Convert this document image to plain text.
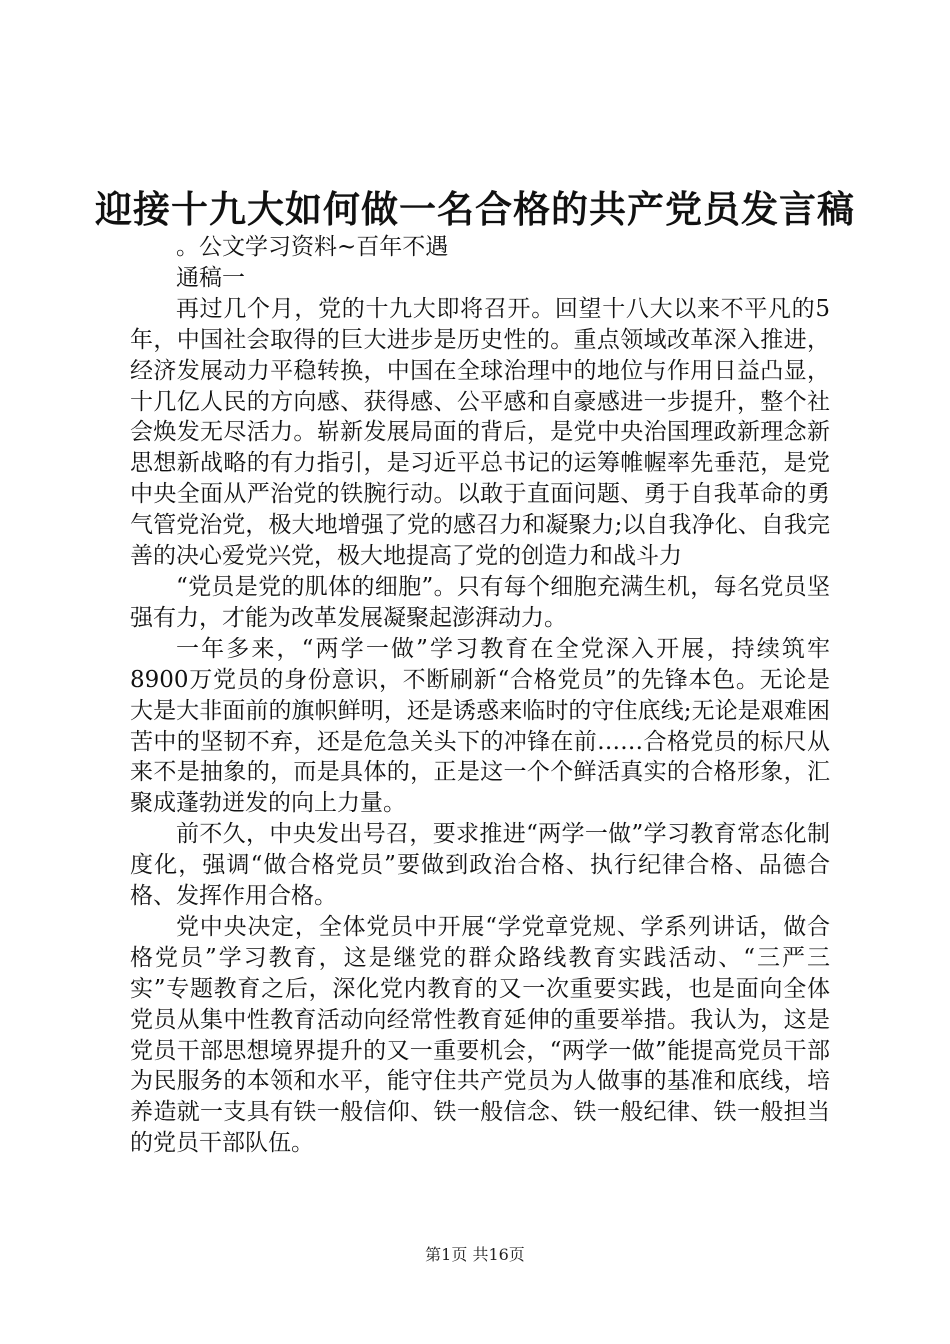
迎接十九大如何做一名合格的共产党员发言稿

。公文学习资料~百年不遇

通稿一

再过几个月，党的十九大即将召开。回望十八大以来不平凡的5年，中国社会取得的巨大进步是历史性的。重点领域改革深入推进，经济发展动力平稳转换，中国在全球治理中的地位与作用日益凸显，十几亿人民的方向感、获得感、公平感和自豪感进一步提升，整个社会焕发无尽活力。崭新发展局面的背后，是党中央治国理政新理念新思想新战略的有力指引，是习近平总书记的运筹帷幄率先垂范，是党中央全面从严治党的铁腕行动。以敢于直面问题、勇于自我革命的勇气管党治党，极大地增强了党的感召力和凝聚力;以自我净化、自我完善的决心爱党兴党，极大地提高了党的创造力和战斗力

“党员是党的肌体的细胞”。只有每个细胞充满生机，每名党员坚强有力，才能为改革发展凝聚起澎湃动力。

一年多来，“两学一做”学习教育在全党深入开展，持续筑牢8900万党员的身份意识，不断刷新“合格党员”的先锋本色。无论是大是大非面前的旗帜鲜明，还是诱惑来临时的守住底线;无论是艰难困苦中的坚韧不弃，还是危急关头下的冲锋在前……合格党员的标尺从来不是抽象的，而是具体的，正是这一个个鲜活真实的合格形象，汇聚成蓬勃迸发的向上力量。

前不久，中央发出号召，要求推进“两学一做”学习教育常态化制度化，强调“做合格党员”要做到政治合格、执行纪律合格、品德合格、发挥作用合格。

党中央决定，全体党员中开展“学党章党规、学系列讲话，做合格党员”学习教育，这是继党的群众路线教育实践活动、“三严三实”专题教育之后，深化党内教育的又一次重要实践，也是面向全体党员从集中性教育活动向经常性教育延伸的重要举措。我认为，这是党员干部思想境界提升的又一重要机会，“两学一做”能提高党员干部为民服务的本领和水平，能守住共产党员为人做事的基准和底线，培养造就一支具有铁一般信仰、铁一般信念、铁一般纪律、铁一般担当的党员干部队伍。

第1页 共16页
